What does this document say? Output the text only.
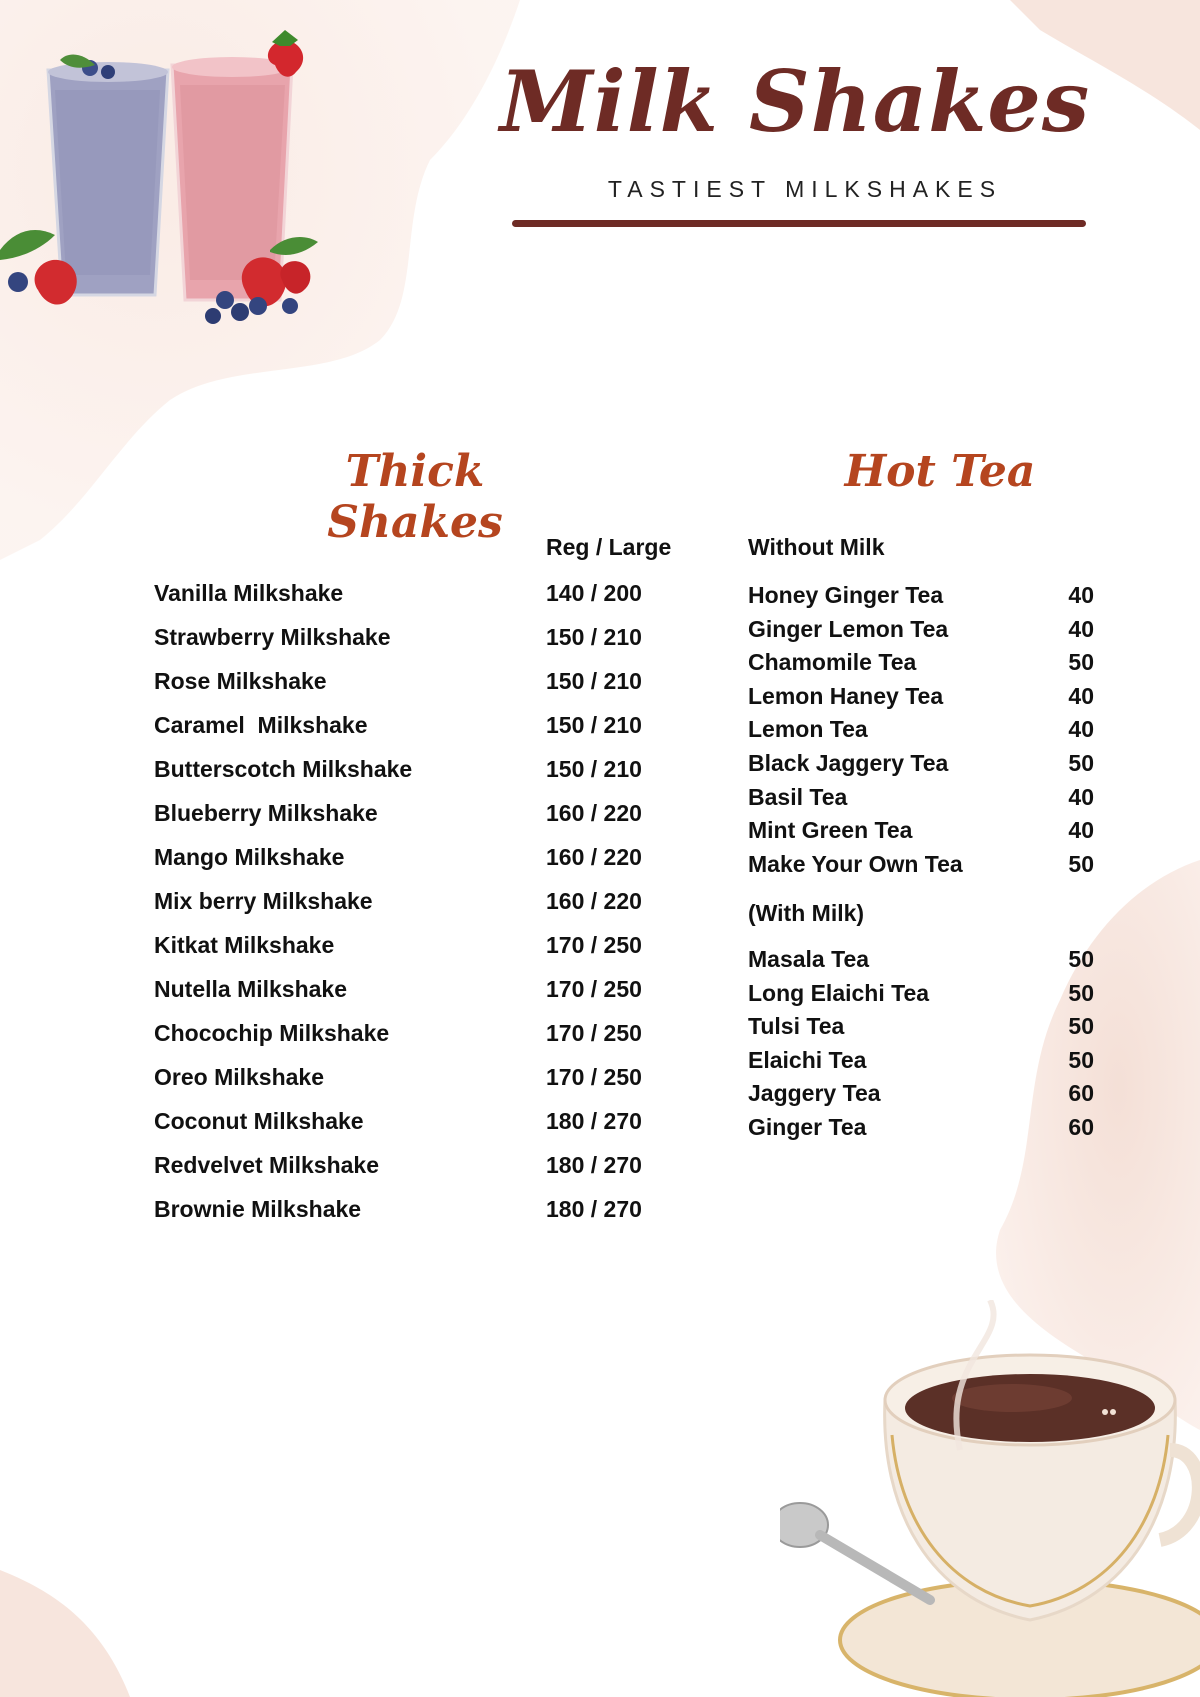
Milk Shakes
TASTIEST MILKSHAKES
Thick Shakes	Reg / Large
Vanilla Milkshake	140 / 200
Strawberry Milkshake	150 / 210
Rose Milkshake	150 / 210
Caramel  Milkshake	150 / 210
Butterscotch Milkshake	150 / 210
Blueberry Milkshake	160 / 220
Mango Milkshake	160 / 220
Mix berry Milkshake	160 / 220
Kitkat Milkshake	170 / 250
Nutella Milkshake	170 / 250
Chocochip Milkshake	170 / 250
Oreo Milkshake	170 / 250
Coconut Milkshake	180 / 270
Redvelvet Milkshake	180 / 270
Brownie Milkshake	180 / 270
Hot Tea
Without Milk
Honey Ginger Tea	40
Ginger Lemon Tea	40
Chamomile Tea	50
Lemon Haney Tea	40
Lemon Tea	40
Black Jaggery Tea	50
Basil Tea	40
Mint Green Tea	40
Make Your Own Tea	50
(With Milk)
Masala Tea	50
Long Elaichi Tea	50
Tulsi Tea	50
Elaichi Tea	50
Jaggery Tea	60
Ginger Tea	60
